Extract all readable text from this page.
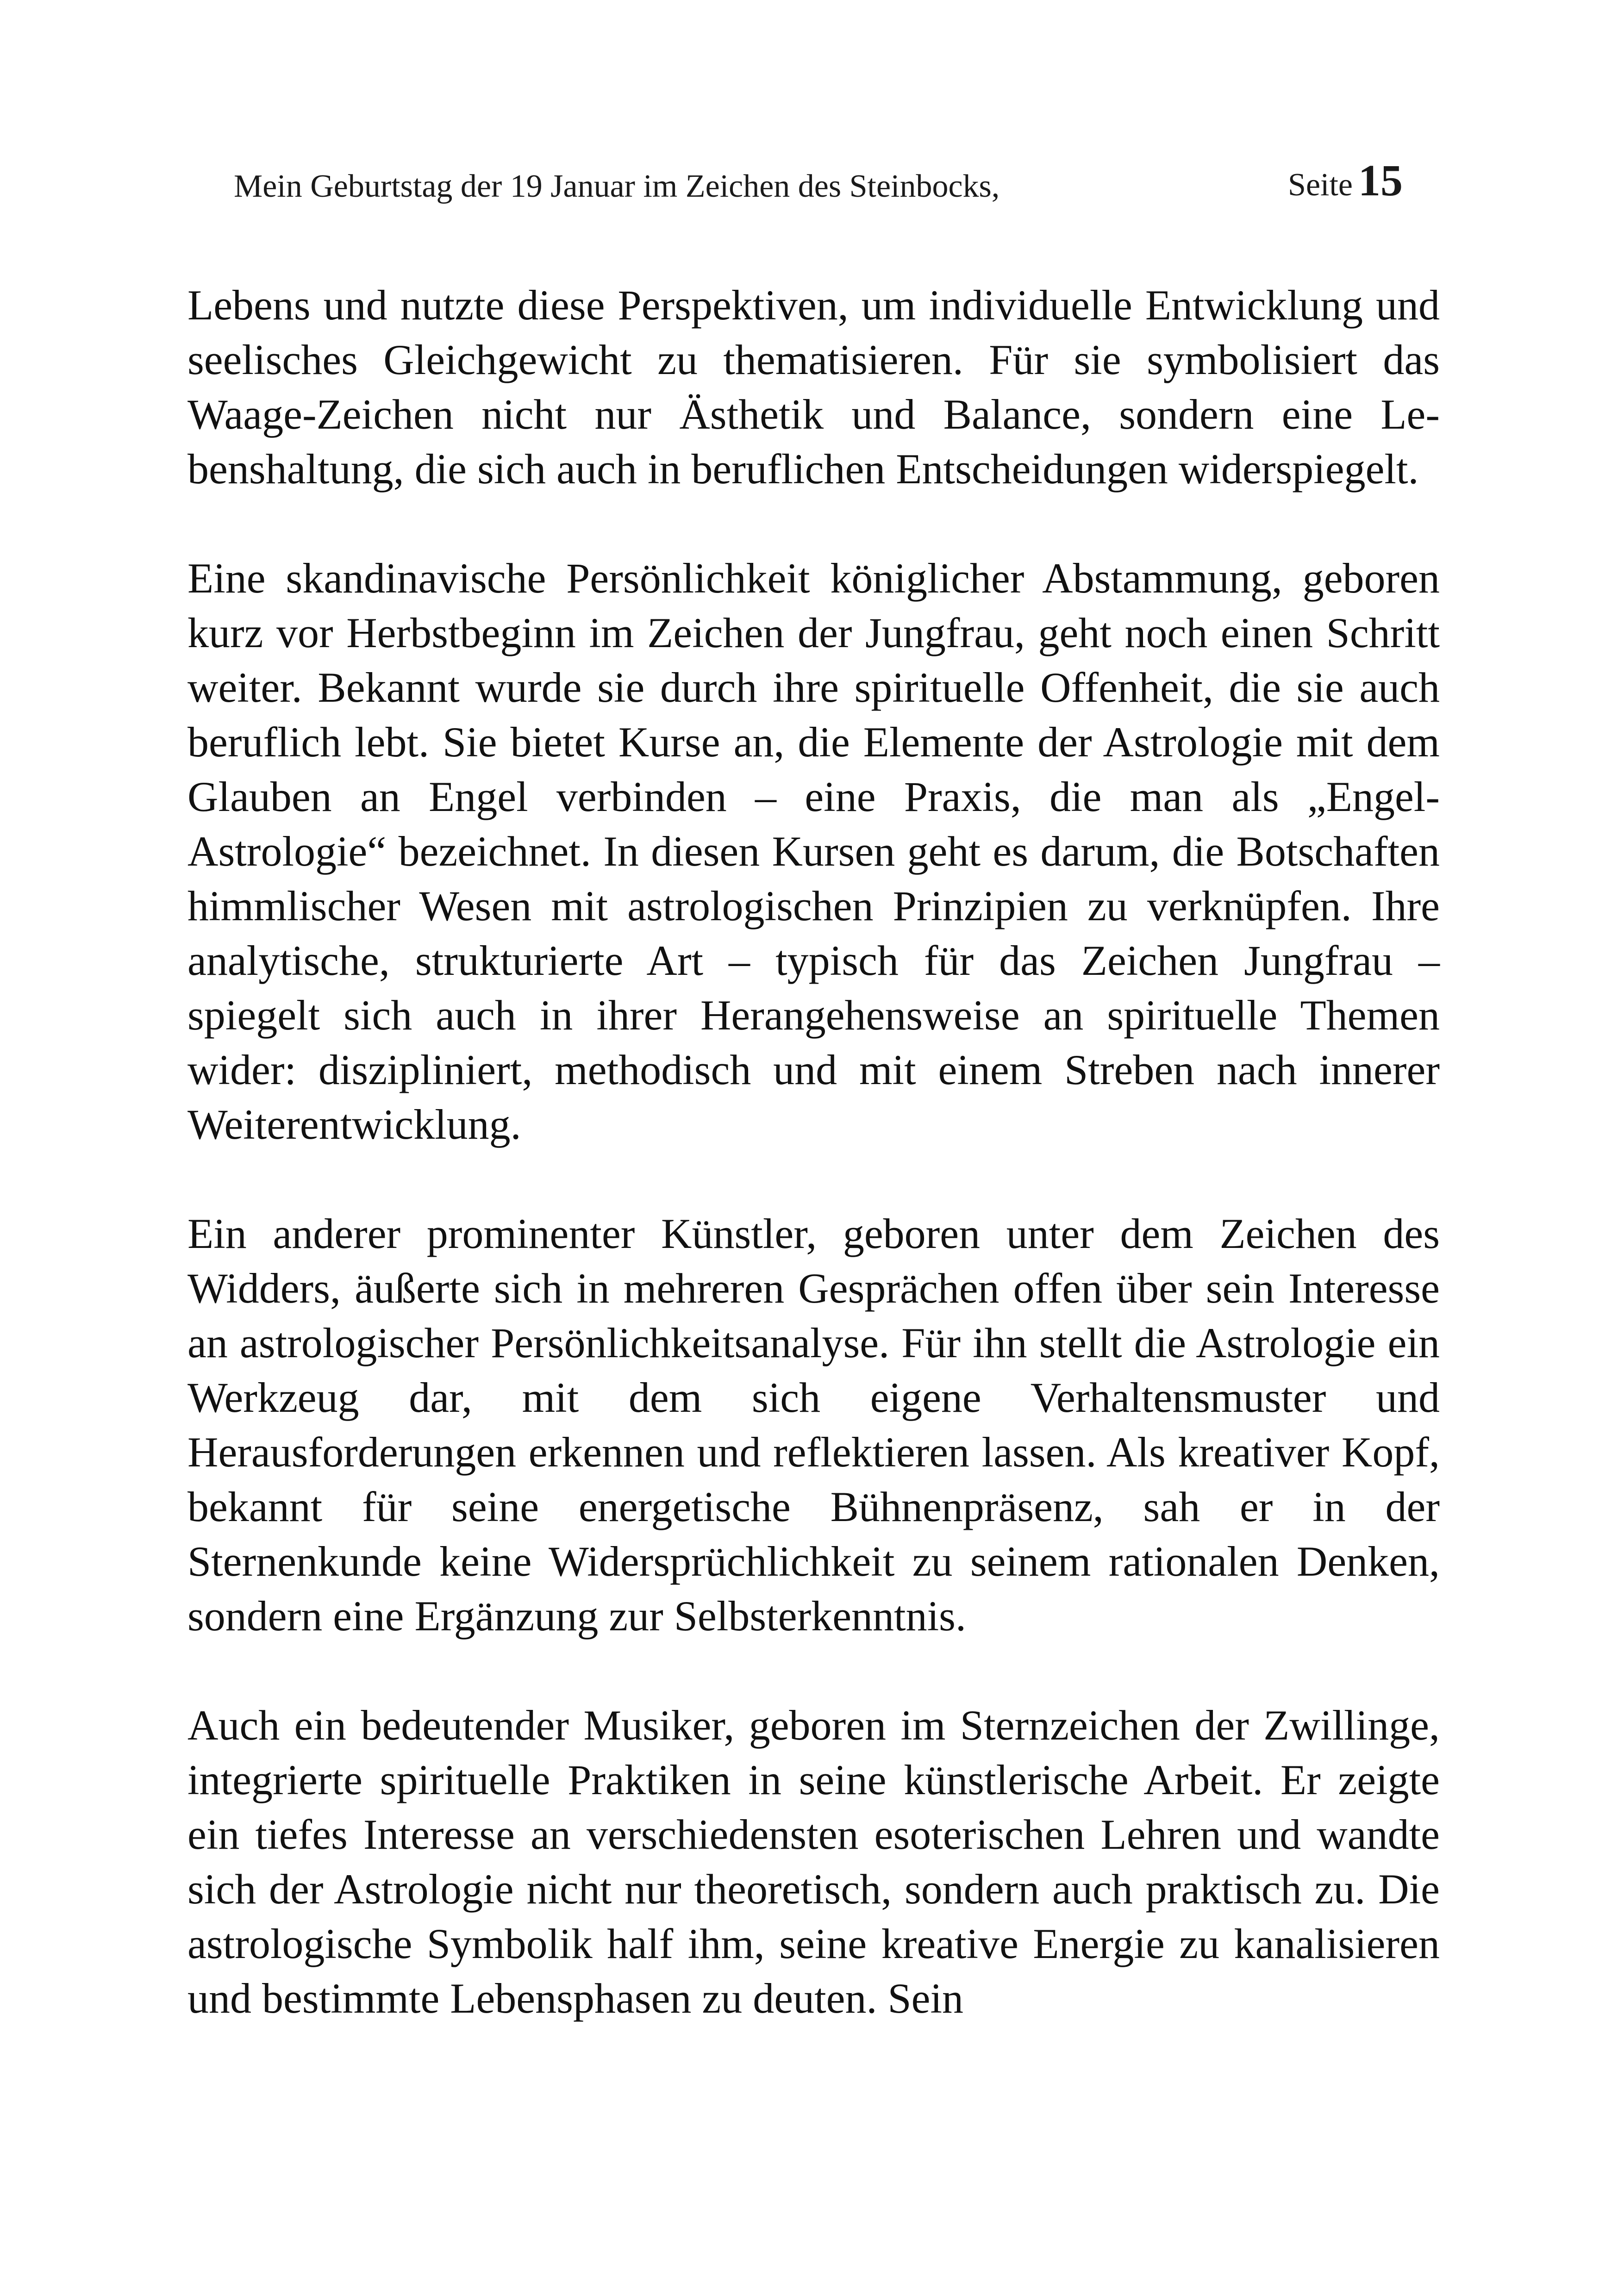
Mein Geburtstag der 19 Januar im Zeichen des Steinbocks,	Seite 15

Lebens und nutzte diese Perspektiven, um individuelle Entwicklung und seelisches Gleichgewicht zu thematisieren. Für sie symbolisiert das Waage-Zeichen nicht nur Ästhetik und Balance, sondern eine Lebenshaltung, die sich auch in beruflichen Entscheidungen widerspiegelt.

Eine skandinavische Persönlichkeit königlicher Abstammung, geboren kurz vor Herbstbeginn im Zeichen der Jungfrau, geht noch einen Schritt weiter. Bekannt wurde sie durch ihre spirituelle Offenheit, die sie auch beruflich lebt. Sie bietet Kurse an, die Elemente der Astrologie mit dem Glauben an Engel verbinden – eine Praxis, die man als „Engel-Astrologie“ bezeichnet. In diesen Kursen geht es darum, die Botschaften himmlischer Wesen mit astrologischen Prinzipien zu verknüpfen. Ihre analytische, strukturierte Art – typisch für das Zeichen Jungfrau – spiegelt sich auch in ihrer Herangehensweise an spirituelle Themen wider: diszipliniert, methodisch und mit einem Streben nach innerer Weiterentwicklung.

Ein anderer prominenter Künstler, geboren unter dem Zeichen des Widders, äußerte sich in mehreren Gesprächen offen über sein Interesse an astrologischer Persönlichkeitsanalyse. Für ihn stellt die Astrologie ein Werkzeug dar, mit dem sich eigene Verhaltensmuster und Herausforderungen erkennen und reflektieren lassen. Als kreativer Kopf, bekannt für seine energetische Bühnenpräsenz, sah er in der Sternenkunde keine Widersprüchlichkeit zu seinem rationalen Denken, sondern eine Ergänzung zur Selbsterkenntnis.

Auch ein bedeutender Musiker, geboren im Sternzeichen der Zwillinge, integrierte spirituelle Praktiken in seine künstlerische Arbeit. Er zeigte ein tiefes Interesse an verschiedensten esoterischen Lehren und wandte sich der Astrologie nicht nur theoretisch, sondern auch praktisch zu. Die astrologische Symbolik half ihm, seine kreative Energie zu kanalisieren und bestimmte Lebensphasen zu deuten. Sein
